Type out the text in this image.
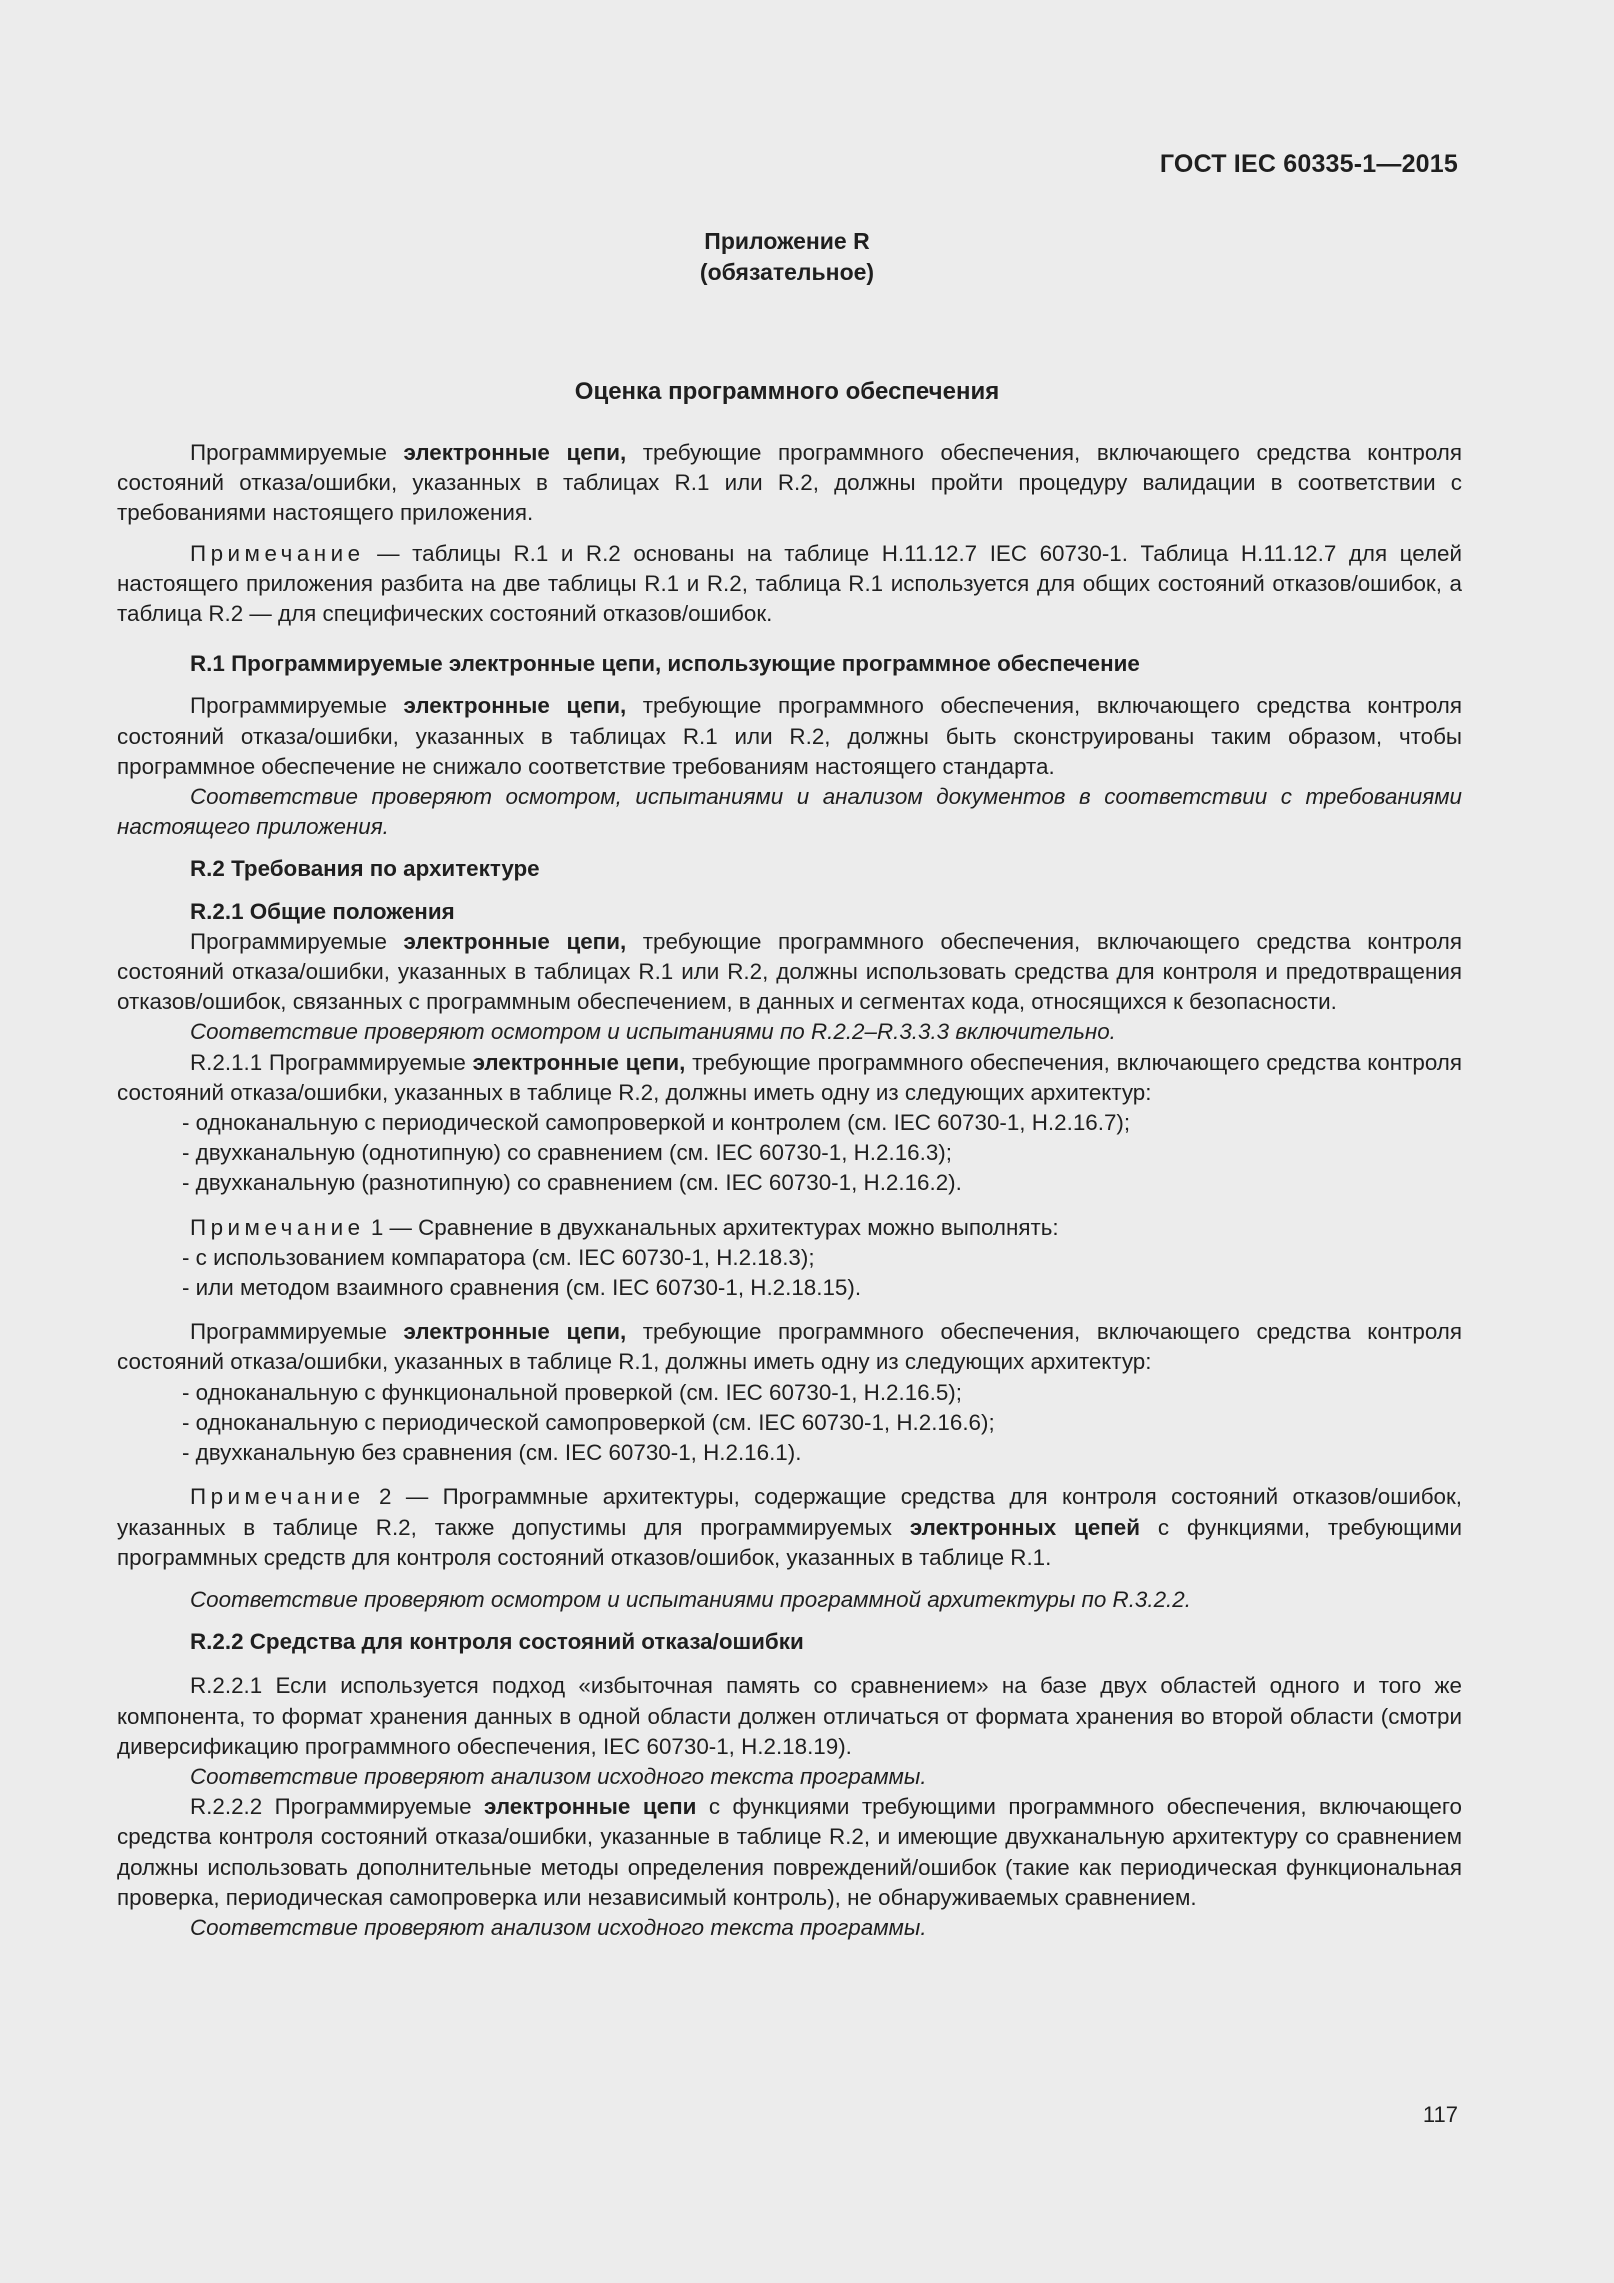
ГОСТ IEC 60335-1—2015
Приложение R
(обязательное)
Оценка программного обеспечения

Программируемые электронные цепи, требующие программного обеспечения, включающего средства контроля состояний отказа/ошибки, указанных в таблицах R.1 или R.2, должны пройти процедуру валидации в соответствии с требованиями настоящего приложения.

Примечание — таблицы R.1 и R.2 основаны на таблице H.11.12.7 IEC 60730-1. Таблица H.11.12.7 для целей настоящего приложения разбита на две таблицы R.1 и R.2, таблица R.1 используется для общих состояний отказов/ошибок, а таблица R.2 — для специфических состояний отказов/ошибок.

R.1 Программируемые электронные цепи, использующие программное обеспечение

Программируемые электронные цепи, требующие программного обеспечения, включающего средства контроля состояний отказа/ошибки, указанных в таблицах R.1 или R.2, должны быть сконструированы таким образом, чтобы программное обеспечение не снижало соответствие требованиям настоящего стандарта.

Соответствие проверяют осмотром, испытаниями и анализом документов в соответствии с требованиями настоящего приложения.

R.2 Требования по архитектуре

R.2.1 Общие положения

Программируемые электронные цепи, требующие программного обеспечения, включающего средства контроля состояний отказа/ошибки, указанных в таблицах R.1 или R.2, должны использовать средства для контроля и предотвращения отказов/ошибок, связанных с программным обеспечением, в данных и сегментах кода, относящихся к безопасности.

Соответствие проверяют осмотром и испытаниями по R.2.2–R.3.3.3 включительно.

R.2.1.1 Программируемые электронные цепи, требующие программного обеспечения, включающего средства контроля состояний отказа/ошибки, указанных в таблице R.2, должны иметь одну из следующих архитектур:

- одноканальную с периодической самопроверкой и контролем (см. IEC 60730-1, H.2.16.7);

- двухканальную (однотипную) со сравнением (см. IEC 60730-1, H.2.16.3);

- двухканальную (разнотипную) со сравнением (см. IEC 60730-1, H.2.16.2).

Примечание 1 — Сравнение в двухканальных архитектурах можно выполнять:

- с использованием компаратора (см. IEC 60730-1, H.2.18.3);

- или методом взаимного сравнения (см. IEC 60730-1, H.2.18.15).

Программируемые электронные цепи, требующие программного обеспечения, включающего средства контроля состояний отказа/ошибки, указанных в таблице R.1, должны иметь одну из следующих архитектур:

- одноканальную с функциональной проверкой (см. IEC 60730-1, H.2.16.5);

- одноканальную с периодической самопроверкой (см. IEC 60730-1, H.2.16.6);

- двухканальную без сравнения (см. IEC 60730-1, H.2.16.1).

Примечание 2 — Программные архитектуры, содержащие средства для контроля состояний отказов/ошибок, указанных в таблице R.2, также допустимы для программируемых электронных цепей с функциями, требующими программных средств для контроля состояний отказов/ошибок, указанных в таблице R.1.

Соответствие проверяют осмотром и испытаниями программной архитектуры по R.3.2.2.

R.2.2 Средства для контроля состояний отказа/ошибки

R.2.2.1 Если используется подход «избыточная память со сравнением» на базе двух областей одного и того же компонента, то формат хранения данных в одной области должен отличаться от формата хранения во второй области (смотри диверсификацию программного обеспечения, IEC 60730-1, H.2.18.19).

Соответствие проверяют анализом исходного текста программы.

R.2.2.2 Программируемые электронные цепи с функциями требующими программного обеспечения, включающего средства контроля состояний отказа/ошибки, указанные в таблице R.2, и имеющие двухканальную архитектуру со сравнением должны использовать дополнительные методы определения повреждений/ошибок (такие как периодическая функциональная проверка, периодическая самопроверка или независимый контроль), не обнаруживаемых сравнением.

Соответствие проверяют анализом исходного текста программы.

117
